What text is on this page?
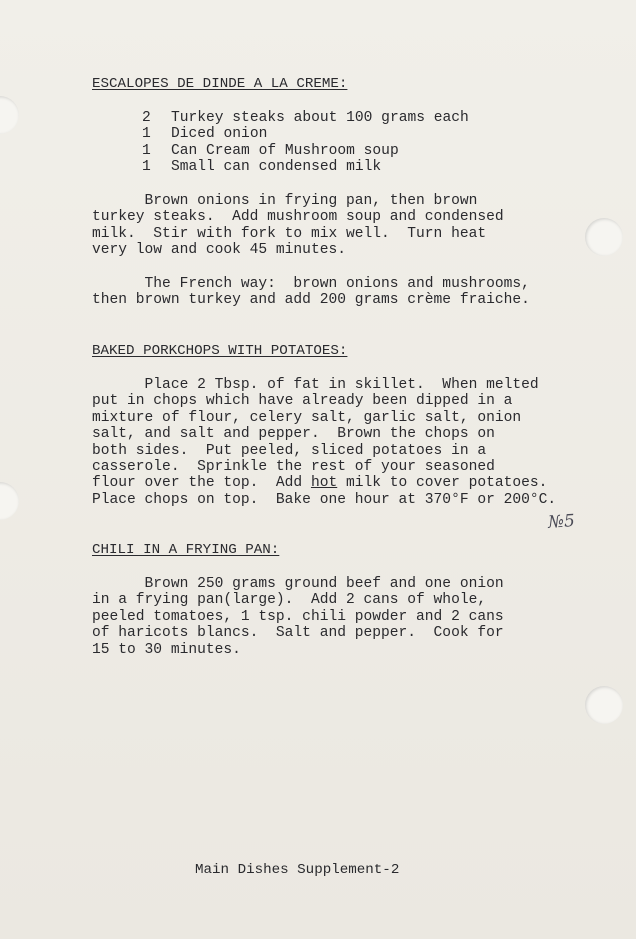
ESCALOPES DE DINDE A LA CREME:
2 Turkey steaks about 100 grams each
1 Diced onion
1 Can Cream of Mushroom soup
1 Small can condensed milk
Brown onions in frying pan, then brown
turkey steaks.  Add mushroom soup and condensed
milk.  Stir with fork to mix well.  Turn heat
very low and cook 45 minutes.
The French way:  brown onions and mushrooms,
then brown turkey and add 200 grams crème fraiche.
BAKED PORKCHOPS WITH POTATOES:
Place 2 Tbsp. of fat in skillet.  When melted
put in chops which have already been dipped in a
mixture of flour, celery salt, garlic salt, onion
salt, and salt and pepper.  Brown the chops on
both sides.  Put peeled, sliced potatoes in a
casserole.  Sprinkle the rest of your seasoned
flour over the top.  Add hot milk to cover potatoes.
Place chops on top.  Bake one hour at 370°F or 200°C.
№5
CHILI IN A FRYING PAN:
Brown 250 grams ground beef and one onion
in a frying pan(large).  Add 2 cans of whole,
peeled tomatoes, 1 tsp. chili powder and 2 cans
of haricots blancs.  Salt and pepper.  Cook for
15 to 30 minutes.
Main Dishes Supplement-2
